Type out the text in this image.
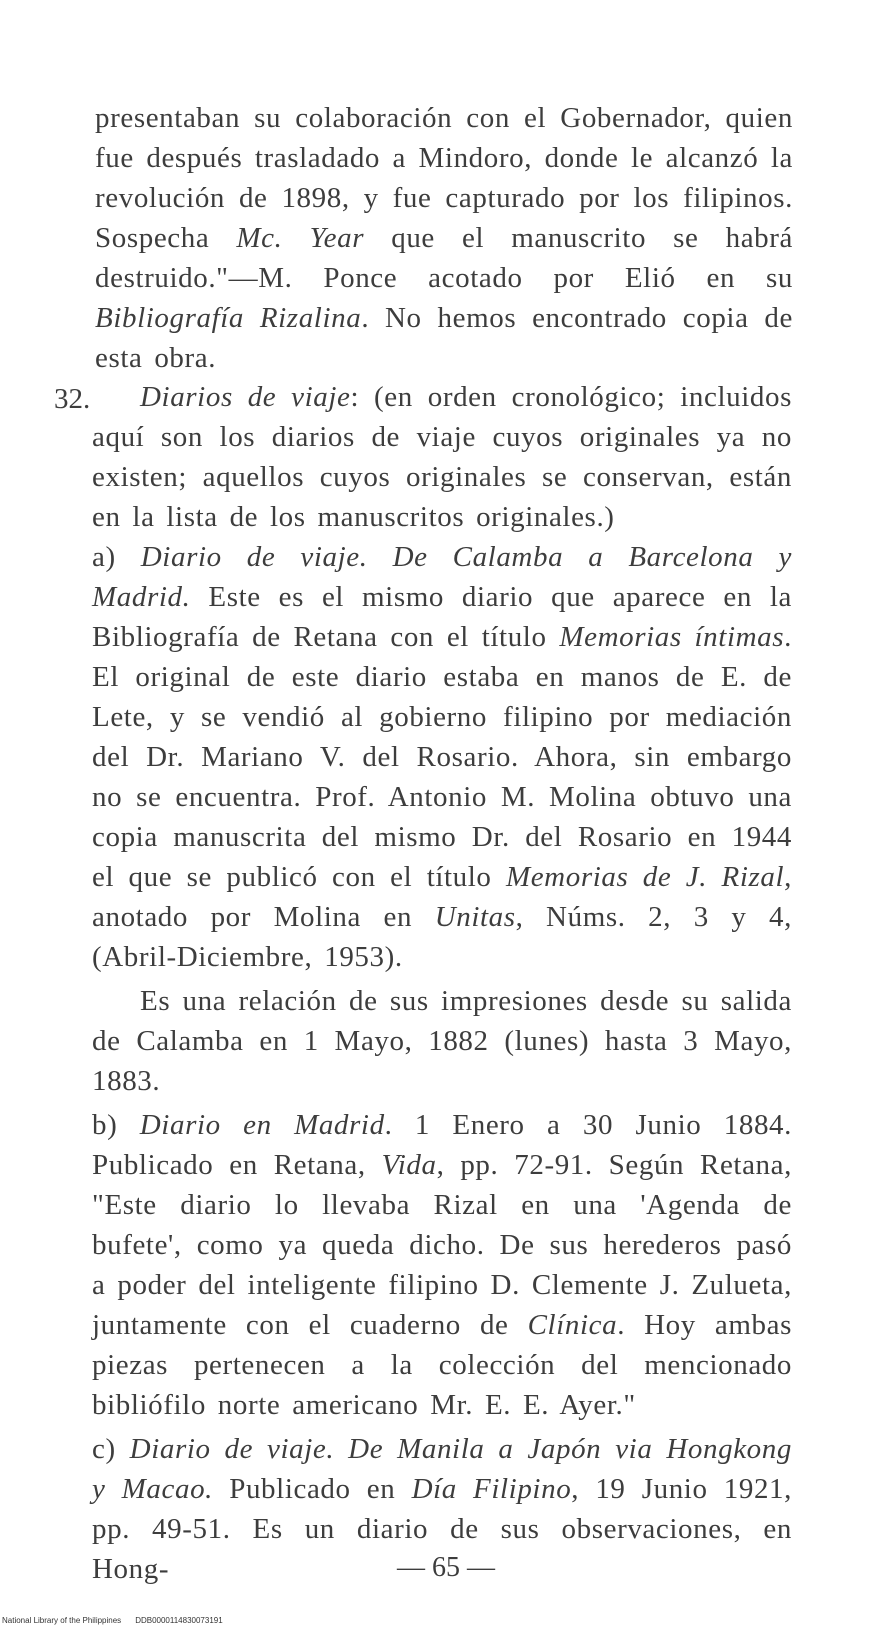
presentaban su colaboración con el Gobernador, quien fue después trasladado a Mindoro, donde le alcanzó la revolución de 1898, y fue capturado por los filipinos. Sospecha Mc. Year que el manuscrito se habrá destruido."—M. Ponce acotado por Elió en su Bibliografía Rizalina. No hemos encontrado copia de esta obra.

32.	Diarios de viaje: (en orden cronológico; incluidos aquí son los diarios de viaje cuyos originales ya no existen; aquellos cuyos originales se conservan, están en la lista de los manuscritos originales.)

a) Diario de viaje. De Calamba a Barcelona y Madrid. Este es el mismo diario que aparece en la Bibliografía de Retana con el título Memorias íntimas. El original de este diario estaba en manos de E. de Lete, y se vendió al gobierno filipino por mediación del Dr. Mariano V. del Rosario. Ahora, sin embargo no se encuentra. Prof. Antonio M. Molina obtuvo una copia manuscrita del mismo Dr. del Rosario en 1944 el que se publicó con el título Memorias de J. Rizal, anotado por Molina en Unitas, Núms. 2, 3 y 4, (Abril-Diciembre, 1953).

Es una relación de sus impresiones desde su salida de Calamba en 1 Mayo, 1882 (lunes) hasta 3 Mayo, 1883.

b) Diario en Madrid. 1 Enero a 30 Junio 1884. Publicado en Retana, Vida, pp. 72-91. Según Retana, "Este diario lo llevaba Rizal en una 'Agenda de bufete', como ya queda dicho. De sus herederos pasó a poder del inteligente filipino D. Clemente J. Zulueta, juntamente con el cuaderno de Clínica. Hoy ambas piezas pertenecen a la colección del mencionado bibliófilo norte americano Mr. E. E. Ayer."

c) Diario de viaje. De Manila a Japón via Hongkong y Macao. Publicado en Día Filipino, 19 Junio 1921, pp. 49-51. Es un diario de sus observaciones, en Hong-	— 65 —
National Library of the Philippines DDB0000114830073191
